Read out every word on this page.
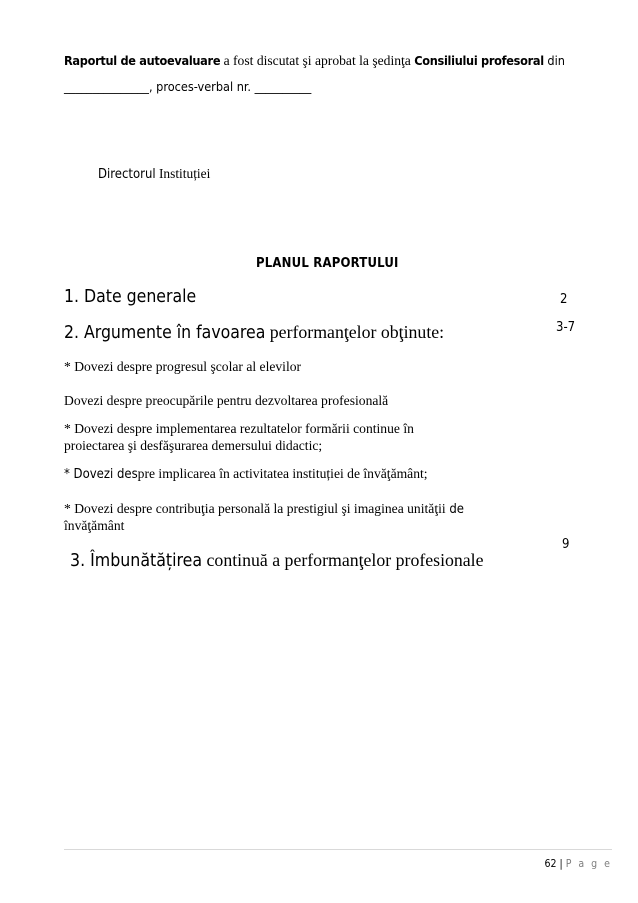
Raportul de autoevaluare a fost discutat şi aprobat la şedinţa Consiliului profesoral din
_______________, proces-verbal nr. __________
Directorul Instituției
PLANUL RAPORTULUI
1. Date generale	2
2. Argumente în favoarea performanţelor obţinute:	3-7
* Dovezi despre progresul şcolar al elevilor
Dovezi despre preocupările pentru dezvoltarea profesională
* Dovezi despre implementarea rezultatelor formării continue în
proiectarea şi desfăşurarea demersului didactic;
* Dovezi despre implicarea în activitatea instituției de învăţământ;
* Dovezi despre contribuţia personală la prestigiul şi imaginea unităţii de
învăţământ
9
3. Îmbunătățirea continuă a performanţelor profesionale
62 | P a g e
